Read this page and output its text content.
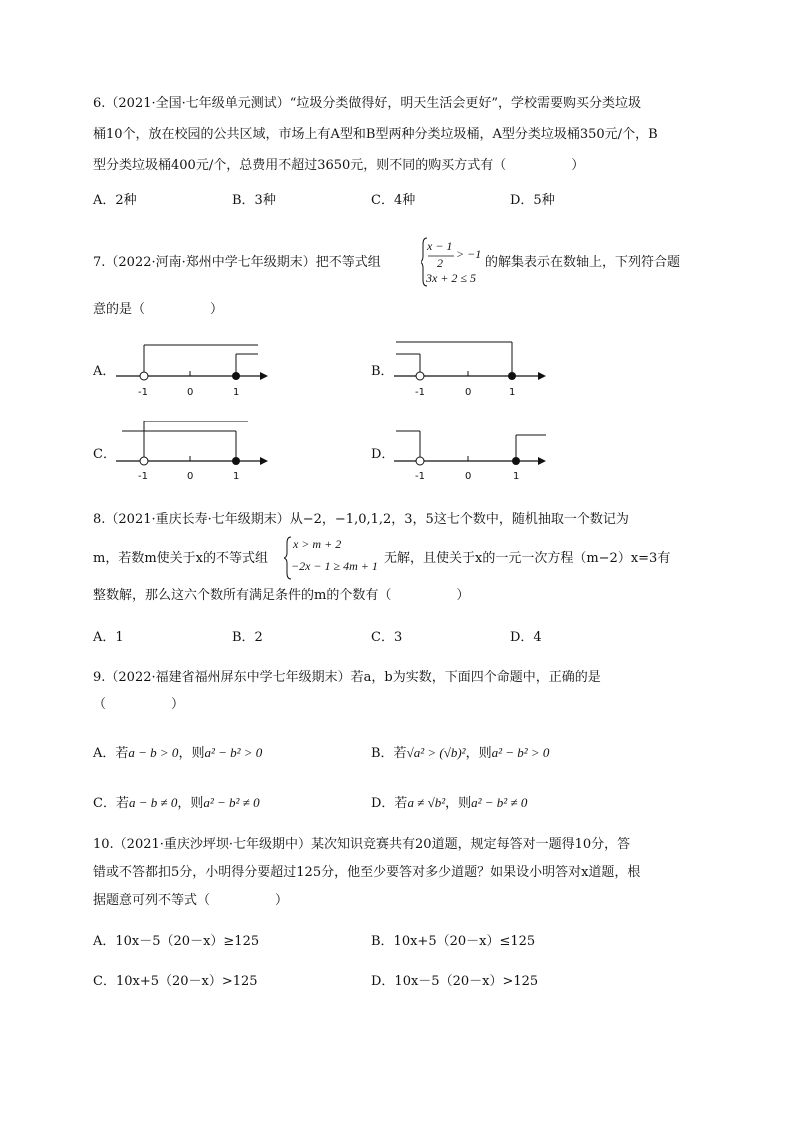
6.（2021·全国·七年级单元测试）“垃圾分类做得好，明天生活会更好”，学校需要购买分类垃圾
桶10个，放在校园的公共区域，市场上有A型和B型两种分类垃圾桶，A型分类垃圾桶350元/个，B
型分类垃圾桶400元/个，总费用不超过3650元，则不同的购买方式有（　　　　　）
A．2种	B．3种	C．4种	D．5种
7.（2022·河南·郑州中学七年级期末）把不等式组
x − 1
2
> −1
3x + 2 ≤ 5
的解集表示在数轴上，下列符合题
意的是（　　　　　）
A．
-1	0	1
B．
-1	0	1
C．
-1	0	1
D．
-1	0	1
8.（2021·重庆长寿·七年级期末）从−2，−1,0,1,2，3，5这七个数中，随机抽取一个数记为
m，若数m使关于x的不等式组
x > m + 2
−2x − 1 ≥ 4m + 1 无解，且使关于x的一元一次方程（m−2）x=3有
整数解，那么这六个数所有满足条件的m的个数有（　　　　　）
A．1	B．2	C．3	D．4
9.（2022·福建省福州屏东中学七年级期末）若a，b为实数，下面四个命题中，正确的是
（　　　　　）
A．若a − b > 0，则a² − b² > 0	B．若√a² > (√b)²，则a² − b² > 0
C．若a − b ≠ 0，则a² − b² ≠ 0	D．若a ≠ √b²，则a² − b² ≠ 0
10.（2021·重庆沙坪坝·七年级期中）某次知识竞赛共有20道题，规定每答对一题得10分，答
错或不答都扣5分，小明得分要超过125分，他至少要答对多少道题？如果设小明答对x道题，根
据题意可列不等式（　　　　　）
A．10x－5（20－x）≥125	B．10x+5（20－x）≤125
C．10x+5（20－x）>125	D．10x－5（20－x）>125
